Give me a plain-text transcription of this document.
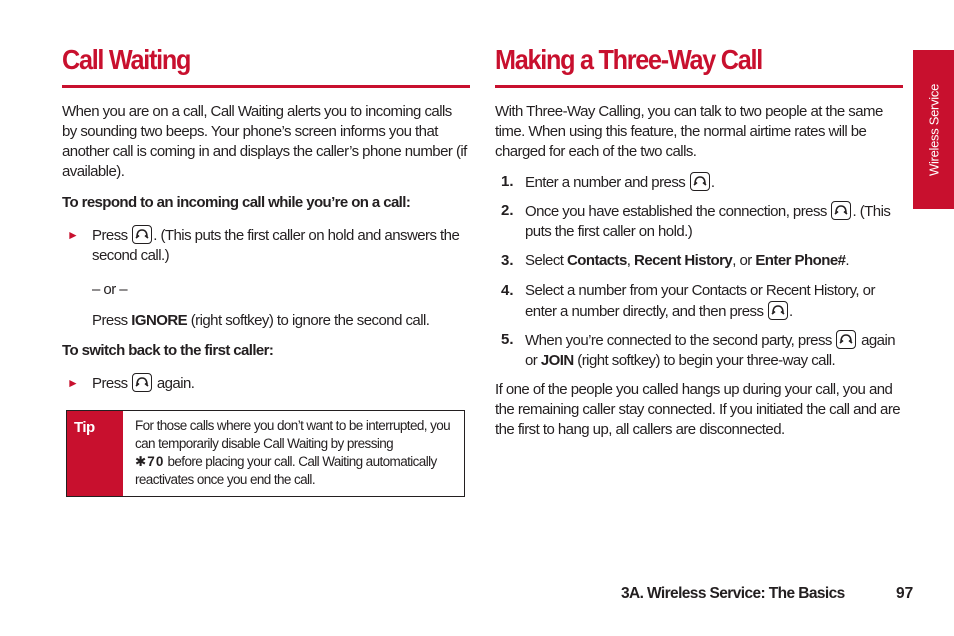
Call Waiting

When you are on a call, Call Waiting alerts you to incoming calls by sounding two beeps. Your phone’s screen informs you that another call is coming in and displays the caller’s phone number (if available).

To respond to an incoming call while you’re on a call:

► Press . (This puts the first caller on hold and answers the second call.)

– or –

Press IGNORE (right softkey) to ignore the second call.

To switch back to the first caller:

► Press
again.

Tip	For those calls where you don’t want to be interrupted, you can temporarily disable Call Waiting by pressing
✱70 before placing your call. Call Waiting automatically reactivates once you end the call.
Making a Three-Way Call

With Three-Way Calling, you can talk to two people at the same time. When using this feature, the normal airtime rates will be charged for each of the two calls.

1. Enter a number and press
.

2. Once you have established the connection, press
. (This puts the first caller on hold.)

3. Select Contacts, Recent History, or Enter Phone#.

4. Select a number from your Contacts or Recent History, or enter a number directly, and then press
.

5. When you’re connected to the second party, press
again or JOIN (right softkey) to begin your three-way call.

If one of the people you called hangs up during your call, you and the remaining caller stay connected. If you initiated the call and are the first to hang up, all callers are disconnected.

Wireless Service
3A. Wireless Service: The Basics	97
